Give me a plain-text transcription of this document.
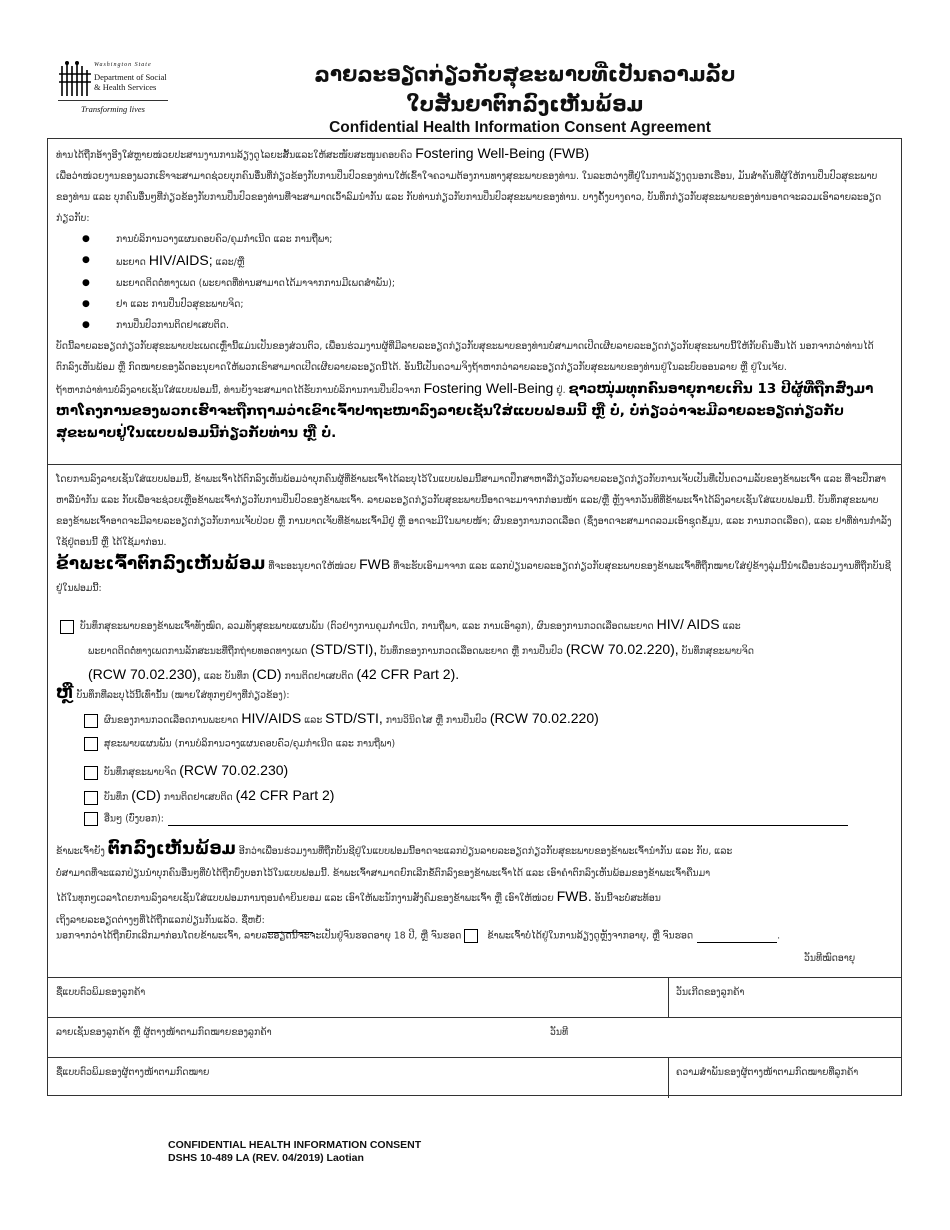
Washington State
Department of Social
& Health Services
Transforming lives
ລາຍລະອຽດກ່ຽວກັບສຸຂະພາບທີ່ເປັນຄວາມລັບ
ໃບສັນຍາຕົກລົງເຫັນພ້ອມ
Confidential Health Information Consent Agreement

ທ່ານໄດ້ຖືກອ້າງອີງໃສ່ຫຼາຍໜ່ວຍປະສານງານການລ້ຽງດູໄລຍະສັ້ນແລະໃຫ້ສະໜັບສະໜູນຄອບຄົວ Fostering Well-Being (FWB)

ເພື່ອວ່າໜ່ວຍງານຂອງພວກເຮົາຈະສາມາດຊ່ວຍບຸກຄົນອື່ນທີ່ກ່ຽວຂ້ອງກັບການປິ່ນປົວຂອງທ່ານໃຫ້ເຂົ້າໃຈຄວາມຕ້ອງການທາງສຸຂະພາບຂອງທ່ານ. ໃນລະຫວ່າງທີ່ຢູ່ໃນການລ້ຽງດູນອກເຮືອນ, ມັນສໍາຄັນທີ່ຜູ້ໃຫ້ການປິ່ນປົວສຸຂະພາບຂອງທ່ານ ແລະ ບຸກຄົນອື່ນໆທີ່ກ່ຽວຂ້ອງກັບການປິ່ນປົວຂອງທ່ານທີ່ຈະສາມາດເວົ້າລົມນໍາກັນ ແລະ ກັບທ່ານກ່ຽວກັບການປິ່ນປົວສຸຂະພາບຂອງທ່ານ. ບາງຄັ້ງບາງຄາວ, ບັນທຶກກ່ຽວກັບສຸຂະພາບຂອງທ່ານອາດຈະລວມເອົາລາຍລະອຽດກ່ຽວກັບ:

● ການບໍລິການວາງແຜນຄອບຄົວ/ຄຸມກໍາເນີດ ແລະ ການຖືພາ;
● ພະຍາດ HIV/AIDS; ແລະ/ຫຼື
● ພະຍາດຕິດຕໍ່ທາງເພດ (ພະຍາດທີ່ທ່ານສາມາດໄດ້ມາຈາກການມີເພດສໍາພັນ);
● ຢາ ແລະ ການປິ່ນປົວສຸຂະພາບຈິດ;
● ການປິ່ນປົວການຕິດຢາເສບຕິດ.

ບັດນີ້ລາຍລະອຽດກ່ຽວກັບສຸຂະພາບປະເພດເຫຼົ່ານີ້ແມ່ນເປັນຂອງສ່ວນຕົວ, ເພື່ອນຮ່ວມງານຜູ້ທີ່ມີລາຍລະອຽດກ່ຽວກັບສຸຂະພາບຂອງທ່ານບໍ່ສາມາດເປີດເຜີຍລາຍລະອຽດກ່ຽວກັບສຸຂະພາບນີ້ໃຫ້ກັບຄົນອື່ນໄດ້ ນອກຈາກວ່າທ່ານໄດ້ຕົກລົງເຫັນພ້ອມ ຫຼື ກົດໝາຍຂອງລັດອະນຸຍາດໃຫ້ພວກເຮົາສາມາດເປີດເຜີຍລາຍລະອຽດນີ້ໄດ້. ອັນນີ້ເປັນຄວາມຈິງຖ້າຫາກວ່າລາຍລະອຽດກ່ຽວກັບສຸຂະພາບຂອງທ່ານຢູ່ໃນລະບົບອອນລາຍ ຫຼື ຢູ່ໃນເຈ້ຍ.

ຖ້າຫາກວ່າທ່ານບໍ່ລົງລາຍເຊັນໃສ່ແບບຟອມນີ້, ທ່ານຍັງຈະສາມາດໄດ້ຮັບການບໍລິການການປິ່ນປົວຈາກ Fostering Well-Being ຢູ່. ຊາວໜຸ່ມທຸກຄົນອາຍຸກາຍເກີນ 13 ປີຜູ້ທີ່ຖືກສົ່ງມາຫາໂຄງການຂອງພວກເຮົາຈະຖືກຖາມວ່າເຂົາເຈົ້າປາຖະໜາລົງລາຍເຊັນໃສ່ແບບຟອມນີ້ ຫຼື ບໍ່, ບໍ່ກ່ຽວວ່າຈະມີລາຍລະອຽດກ່ຽວກັບສຸຂະພາບຢູ່ໃນແບບຟອມນີ້ກ່ຽວກັບທ່ານ ຫຼື ບໍ່.

ໂດຍການລົງລາຍເຊັນໃສ່ແບບຟອມນີ້, ຂ້າພະເຈົ້າໄດ້ຕົກລົງເຫັນພ້ອມວ່າບຸກຄົນຜູ້ທີ່ຂ້າພະເຈົ້າໄດ້ລະບຸໄວ້ໃນແບບຟອມນີ້ສາມາດປຶກສາຫາລືກ່ຽວກັບລາຍລະອຽດກ່ຽວກັບການເຈັບເປັນທີ່ເປັນຄວາມລັບຂອງຂ້າພະເຈົ້າ ແລະ ທີ່ຈະປຶກສາຫາລືນໍາກັນ ແລະ ກັບເພື່ອຈະຊ່ວຍເຫຼືອຂ້າພະເຈົ້າກ່ຽວກັບການປິ່ນປົວຂອງຂ້າພະເຈົ້າ. ລາຍລະອຽດກ່ຽວກັບສຸຂະພາບນີ້ອາດຈະມາຈາກກ່ອນໜ້າ ແລະ/ຫຼື ຫຼັງຈາກວັນທີທີ່ຂ້າພະເຈົ້າໄດ້ລົງລາຍເຊັນໃສ່ແບບຟອມນີ້. ບັນທຶກສຸຂະພາບຂອງຂ້າພະເຈົ້າອາດຈະມີລາຍລະອຽດກ່ຽວກັບການເຈັບປ່ວຍ ຫຼື ການບາດເຈັບທີ່ຂ້າພະເຈົ້າມີຢູ່ ຫຼື ອາດຈະມີໃນພາຍໜ້າ; ຜົນຂອງການກວດເລືອດ (ຊຶ່ງອາດຈະສາມາດລວມເອົາຊຸດຂໍ້ມູນ, ແລະ ການກວດເລືອດ), ແລະ ຢາທີ່ທ່ານກໍາລັງໃຊ້ຢູ່ຕອນນີ້ ຫຼື ໄດ້ໃຊ້ມາກ່ອນ.

ຂ້າພະເຈົ້າຕົກລົງເຫັນພ້ອມ ທີ່ຈະອະນຸຍາດໃຫ້ໜ່ວຍ FWB ທີ່ຈະຮັບເອົາມາຈາກ ແລະ ແລກປ່ຽນລາຍລະອຽດກ່ຽວກັບສຸຂະພາບຂອງຂ້າພະເຈົ້າທີ່ຖືກໝາຍໃສ່ຢູ່ຂ້າງລຸ່ມນີ້ນໍາເພື່ອນຮ່ວມງານທີ່ຖືກບັນຊີຢູ່ໃນຟອມນີ້:
ບັນທຶກສຸຂະພາບຂອງຂ້າພະເຈົ້າທັງໝົດ, ລວມທັງສຸຂະພາບແຜນພັນ (ຕົວຢ່າງການຄຸມກໍາເນີດ, ການຖືພາ, ແລະ ການເອົາລູກ), ຜົນຂອງການກວດເລືອດພະຍາດ HIV/ AIDS ແລະ
ພະຍາດຕິດຕໍ່ທາງເພດການລັກສະນະທີ່ຖືກຖ່າຍທອດທາງເພດ (STD/STI), ບັນທຶກຂອງການກວດເລືອດພະຍາດ ຫຼື ການປິ່ນປົວ (RCW 70.02.220), ບັນທຶກສຸຂະພາບຈິດ
(RCW 70.02.230), ແລະ ບັນທຶກ (CD) ການຕິດຢາເສບຕິດ (42 CFR Part 2).
ຫຼື ບັນທຶກທີ່ລະບຸໄວ້ນີ້ເທົ່ານັ້ນ (ໝາຍໃສ່ທຸກໆຢ່າງທີ່ກ່ຽວຂ້ອງ):
ຜົນຂອງການກວດເລືອດການພະຍາດ HIV/AIDS ແລະ STD/STI, ການວິນິດໄສ ຫຼື ການປິ່ນປົວ (RCW 70.02.220)
ສຸຂະພາບແຜນພັນ (ການບໍລິການວາງແຜນຄອບຄົວ/ຄຸມກໍາເນີດ ແລະ ການຖືພາ)
ບັນທຶກສຸຂະພາບຈິດ (RCW 70.02.230)
ບັນທຶກ (CD) ການຕິດຢາເສບຕິດ (42 CFR Part 2)
ອື່ນໆ (ບົ່ງບອກ):
ຂ້າພະເຈົ້າຍັງ ຕົກລົງເຫັນພ້ອມ ອີກວ່າເພື່ອນຮ່ວມງານທີ່ຖືກບັນຊີຢູ່ໃນແບບຟອມນີ້ອາດຈະແລກປ່ຽນລາຍລະອຽດກ່ຽວກັບສຸຂະພາບຂອງຂ້າພະເຈົ້ານໍາກັນ ແລະ ກັບ, ແລະ
ບໍ່ສາມາດທີ່ຈະແລກປ່ຽນນໍາບຸກຄົນອື່ນໆທີ່ບໍ່ໄດ້ຖືກບົ່ງບອກໄວ້ໃນແບບຟອມນີ້. ຂ້າພະເຈົ້າສາມາດຍົກເລີກຂໍ້ຕົກລົງຂອງຂ້າພະເຈົ້າໄດ້ ແລະ ເອົາຄໍາຕົກລົງເຫັນພ້ອມຂອງຂ້າພະເຈົ້າຄືນມາ
ໄດ້ໃນທຸກໆເວລາໂດຍການລົງລາຍເຊັນໃສ່ແບບຟອມການຖອນຄໍາຍິນຍອມ ແລະ ເອົາໃຫ້ພະນັກງານສັງຄົມຂອງຂ້າພະເຈົ້າ ຫຼື ເອົາໃຫ້ໜ່ວຍ FWB. ອັນນີ້ຈະບໍ່ສະທ້ອນ
ເຖິງລາຍລະອຽດຕ່າງໆທີ່ໄດ້ຖືກແລກປ່ຽນກັນແລ້ວ. ຊື່ຫຍໍ້:
ນອກຈາກວ່າໄດ້ຖືກຍົກເລີກມາກ່ອນໂດຍຂ້າພະເຈົ້າ, ລາຍລະອຽດນີ້ຈະຈະເປັນຢູ່ຈົນຮອດອາຍຸ 18 ປີ, ຫຼື ຈົນຮອດ  ຂ້າພະເຈົ້າບໍ່ໄດ້ຢູ່ໃນການລ້ຽງດູຫຼັງຈາກອາຍຸ, ຫຼື ຈົນຮອດ	.
ວັນທີໝົດອາຍຸ
ຊື່ແບບຕົວພິມຂອງລູກຄ້າ	ວັນເກີດຂອງລູກຄ້າ
ລາຍເຊັນຂອງລູກຄ້າ ຫຼື ຜູ້ຕາງໜ້າຕາມກົດໝາຍຂອງລູກຄ້າ	ວັນທີ
ຊື່ແບບຕົວພິມຂອງຜູ້ຕາງໜ້າຕາມກົດໝາຍ	ຄວາມສໍາພັນຂອງຜູ້ຕາງໜ້າຕາມກົດໝາຍທີ່ລູກຄ້າ
CONFIDENTIAL HEALTH INFORMATION CONSENT
DSHS 10-489 LA (REV. 04/2019) Laotian
